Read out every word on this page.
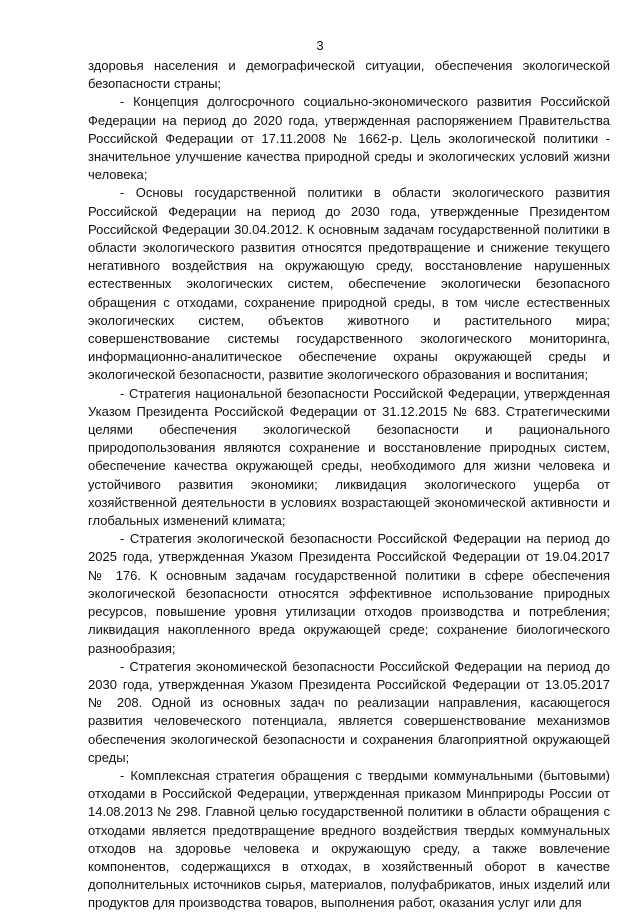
3

здоровья населения и демографической ситуации, обеспечения экологической безопасности страны;

- Концепция долгосрочного социально-экономического развития Российской Федерации на период до 2020 года, утвержденная распоряжением Правительства Российской Федерации от 17.11.2008 № 1662-р. Цель экологической политики - значительное улучшение качества природной среды и экологических условий жизни человека;

- Основы государственной политики в области экологического развития Российской Федерации на период до 2030 года, утвержденные Президентом Российской Федерации 30.04.2012. К основным задачам государственной политики в области экологического развития относятся предотвращение и снижение текущего негативного воздействия на окружающую среду, восстановление нарушенных естественных экологических систем, обеспечение экологически безопасного обращения с отходами, сохранение природной среды, в том числе естественных экологических систем, объектов животного и растительного мира; совершенствование системы государственного экологического мониторинга, информационно-аналитическое обеспечение охраны окружающей среды и экологической безопасности, развитие экологического образования и воспитания;

- Стратегия национальной безопасности Российской Федерации, утвержденная Указом Президента Российской Федерации от 31.12.2015 № 683. Стратегическими целями обеспечения экологической безопасности и рационального природопользования являются сохранение и восстановление природных систем, обеспечение качества окружающей среды, необходимого для жизни человека и устойчивого развития экономики; ликвидация экологического ущерба от хозяйственной деятельности в условиях возрастающей экономической активности и глобальных изменений климата;

- Стратегия экологической безопасности Российской Федерации на период до 2025 года, утвержденная Указом Президента Российской Федерации от 19.04.2017 № 176. К основным задачам государственной политики в сфере обеспечения экологической безопасности относятся эффективное использование природных ресурсов, повышение уровня утилизации отходов производства и потребления; ликвидация накопленного вреда окружающей среде; сохранение биологического разнообразия;

- Стратегия экономической безопасности Российской Федерации на период до 2030 года, утвержденная Указом Президента Российской Федерации от 13.05.2017 № 208. Одной из основных задач по реализации направления, касающегося развития человеческого потенциала, является совершенствование механизмов обеспечения экологической безопасности и сохранения благоприятной окружающей среды;

- Комплексная стратегия обращения с твердыми коммунальными (бытовыми) отходами в Российской Федерации, утвержденная приказом Минприроды России от 14.08.2013 № 298. Главной целью государственной политики в области обращения с отходами является предотвращение вредного воздействия твердых коммунальных отходов на здоровье человека и окружающую среду, а также вовлечение компонентов, содержащихся в отходах, в хозяйственный оборот в качестве дополнительных источников сырья, материалов, полуфабрикатов, иных изделий или продуктов для производства товаров, выполнения работ, оказания услуг или для
